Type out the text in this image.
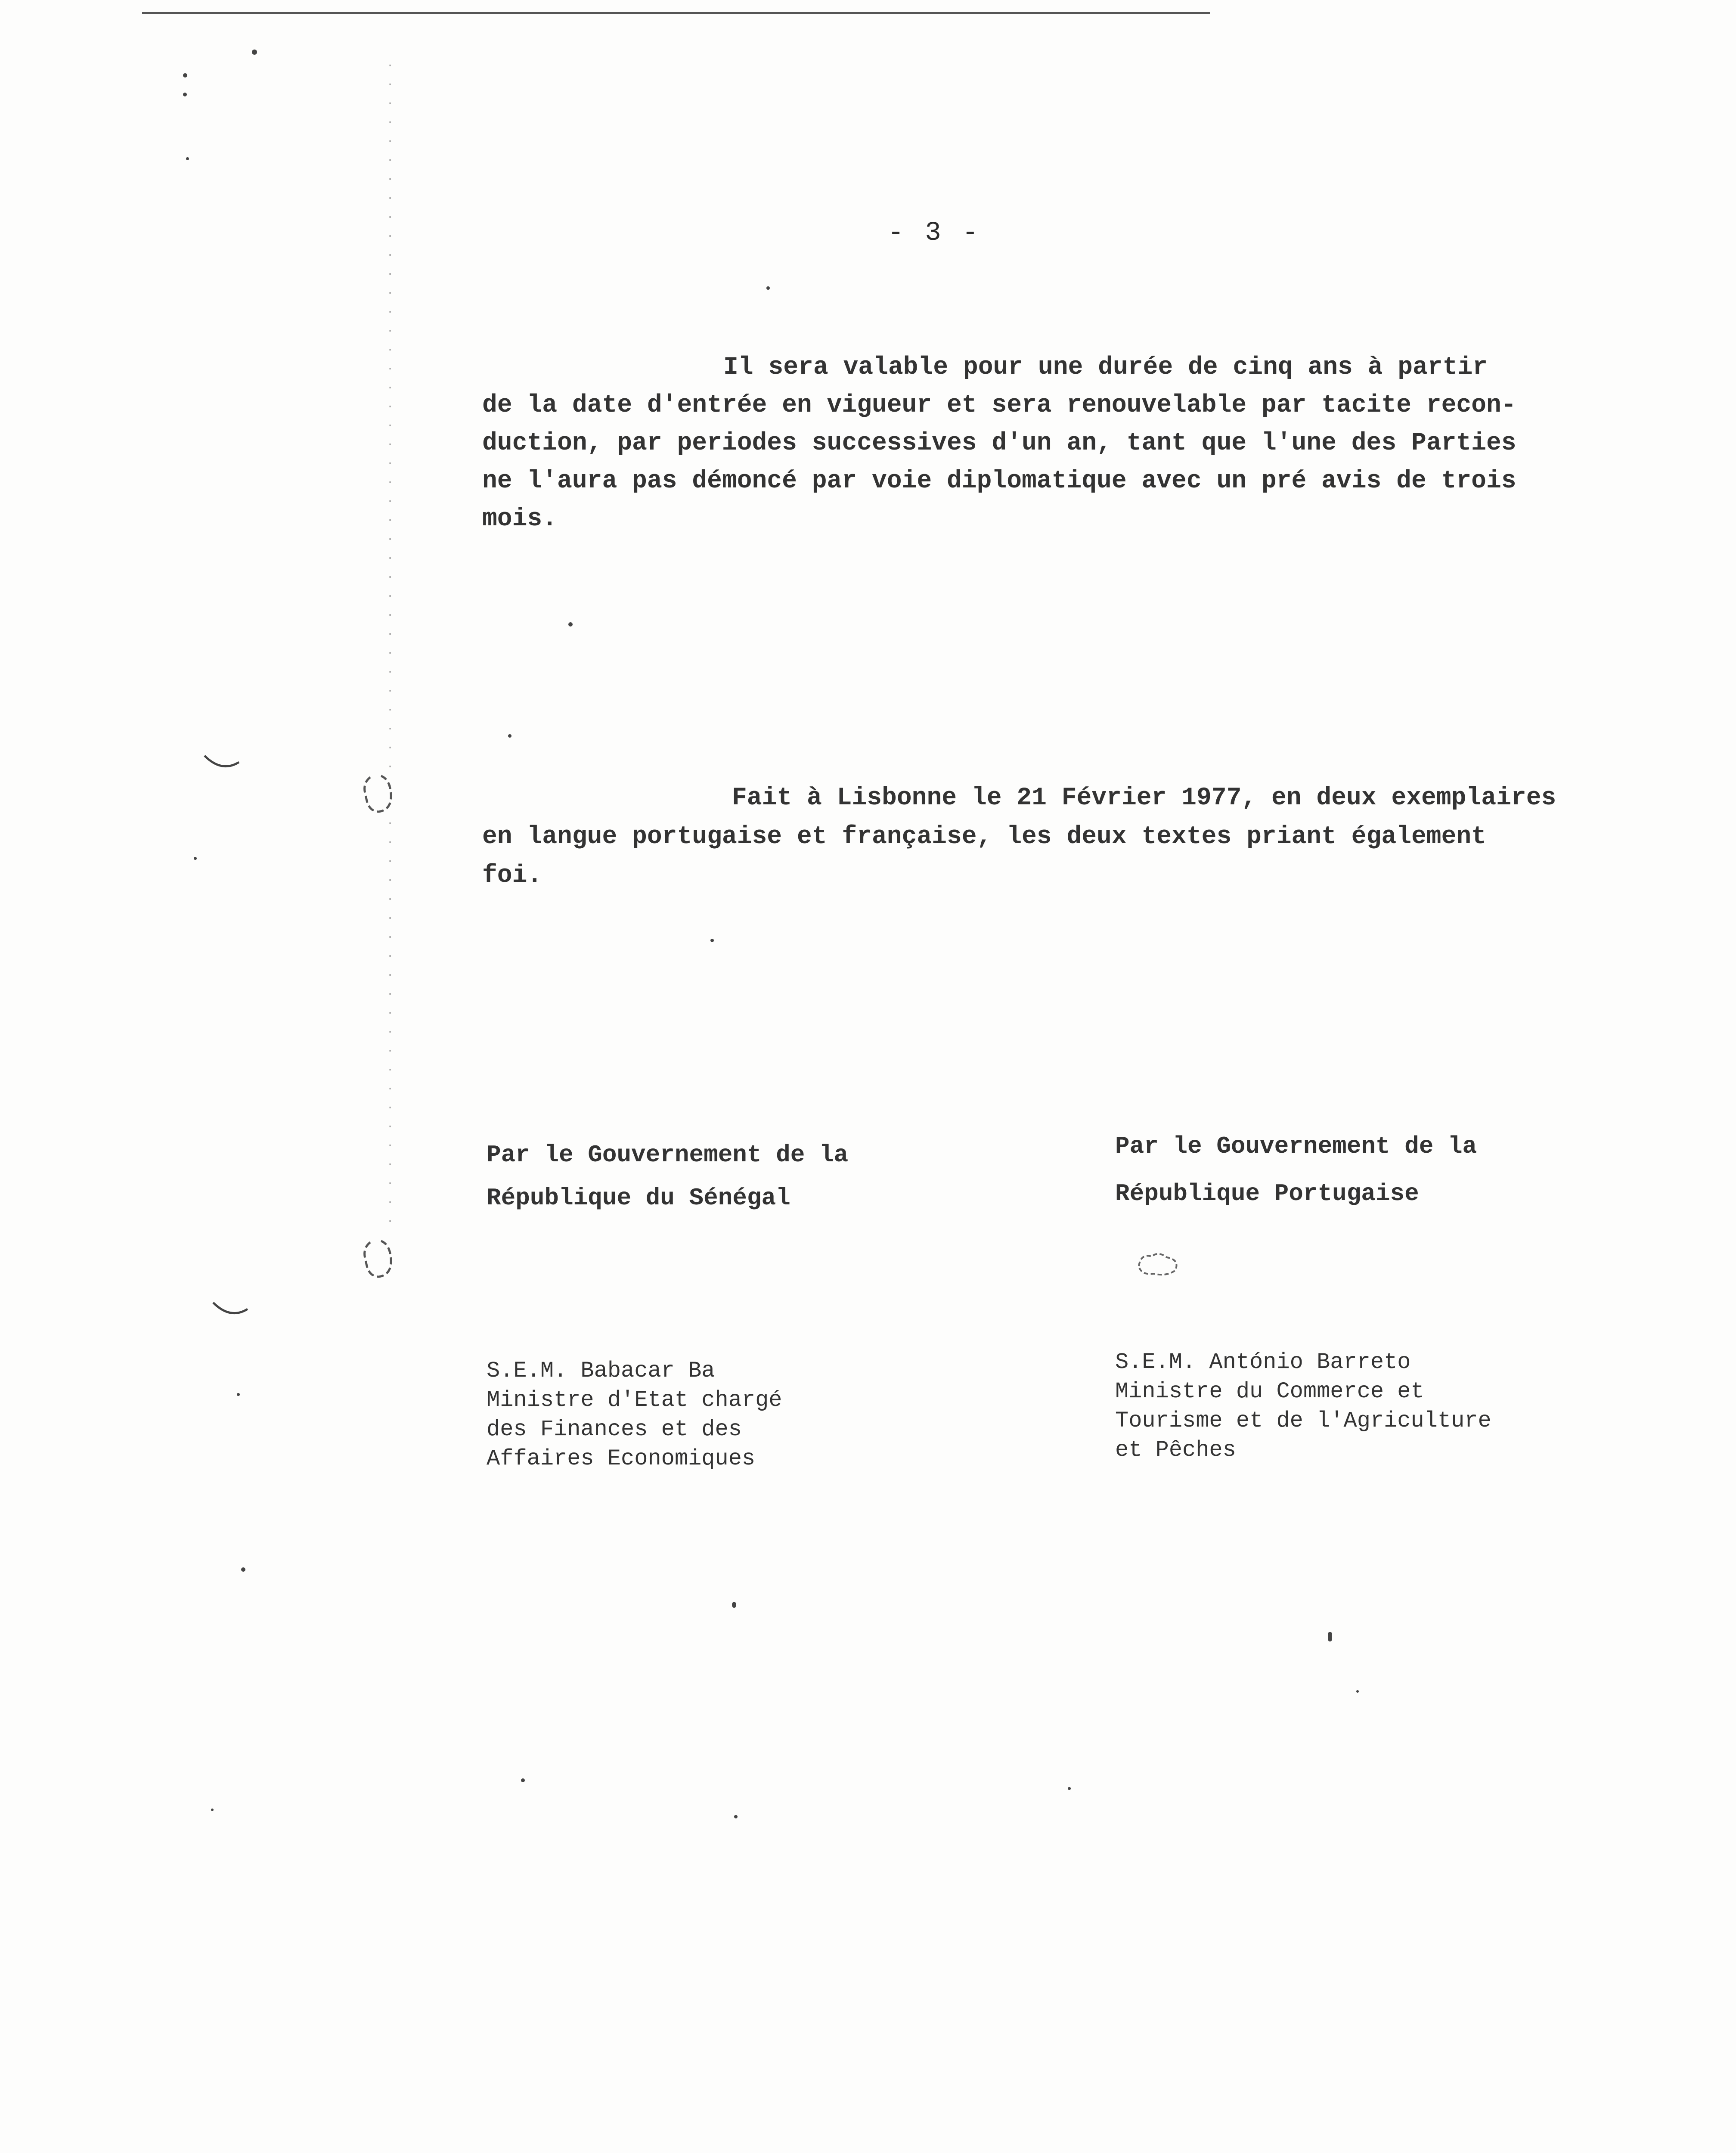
- 3 -
Il sera valable pour une durée de cinq ans à partir
de la date d'entrée en vigueur et sera renouvelable par tacite recon-
duction, par periodes successives d'un an, tant que l'une des Parties
ne l'aura pas démoncé par voie diplomatique avec un pré avis de trois
mois.
Fait à Lisbonne le 21 Février 1977, en deux exemplaires
en langue portugaise et française, les deux textes priant également
foi.
Par le Gouvernement de la
République du Sénégal
S.E.M. Babacar Ba
Ministre d'Etat chargé
des Finances et des
Affaires Economiques
Par le Gouvernement de la
République Portugaise
S.E.M. António Barreto
Ministre du Commerce et
Tourisme et de l'Agriculture
et Pêches
